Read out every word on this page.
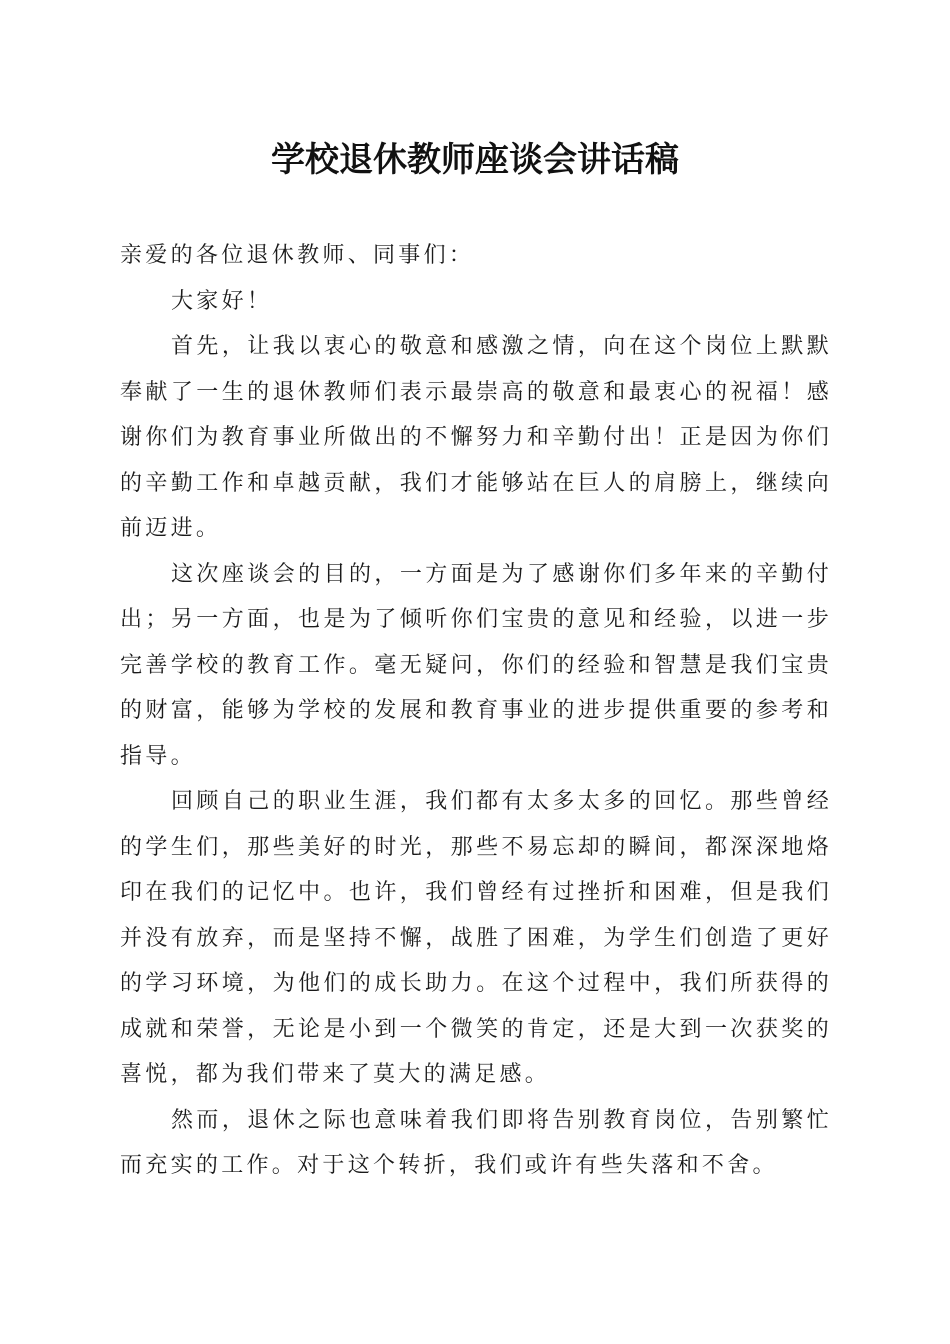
学校退休教师座谈会讲话稿

亲爱的各位退休教师、同事们：

大家好！

首先，让我以衷心的敬意和感激之情，向在这个岗位上默默奉献了一生的退休教师们表示最崇高的敬意和最衷心的祝福！感谢你们为教育事业所做出的不懈努力和辛勤付出！正是因为你们的辛勤工作和卓越贡献，我们才能够站在巨人的肩膀上，继续向前迈进。

这次座谈会的目的，一方面是为了感谢你们多年来的辛勤付出；另一方面，也是为了倾听你们宝贵的意见和经验，以进一步完善学校的教育工作。毫无疑问，你们的经验和智慧是我们宝贵的财富，能够为学校的发展和教育事业的进步提供重要的参考和指导。

回顾自己的职业生涯，我们都有太多太多的回忆。那些曾经的学生们，那些美好的时光，那些不易忘却的瞬间，都深深地烙印在我们的记忆中。也许，我们曾经有过挫折和困难，但是我们并没有放弃，而是坚持不懈，战胜了困难，为学生们创造了更好的学习环境，为他们的成长助力。在这个过程中，我们所获得的成就和荣誉，无论是小到一个微笑的肯定，还是大到一次获奖的喜悦，都为我们带来了莫大的满足感。

然而，退休之际也意味着我们即将告别教育岗位，告别繁忙而充实的工作。对于这个转折，我们或许有些失落和不舍。
